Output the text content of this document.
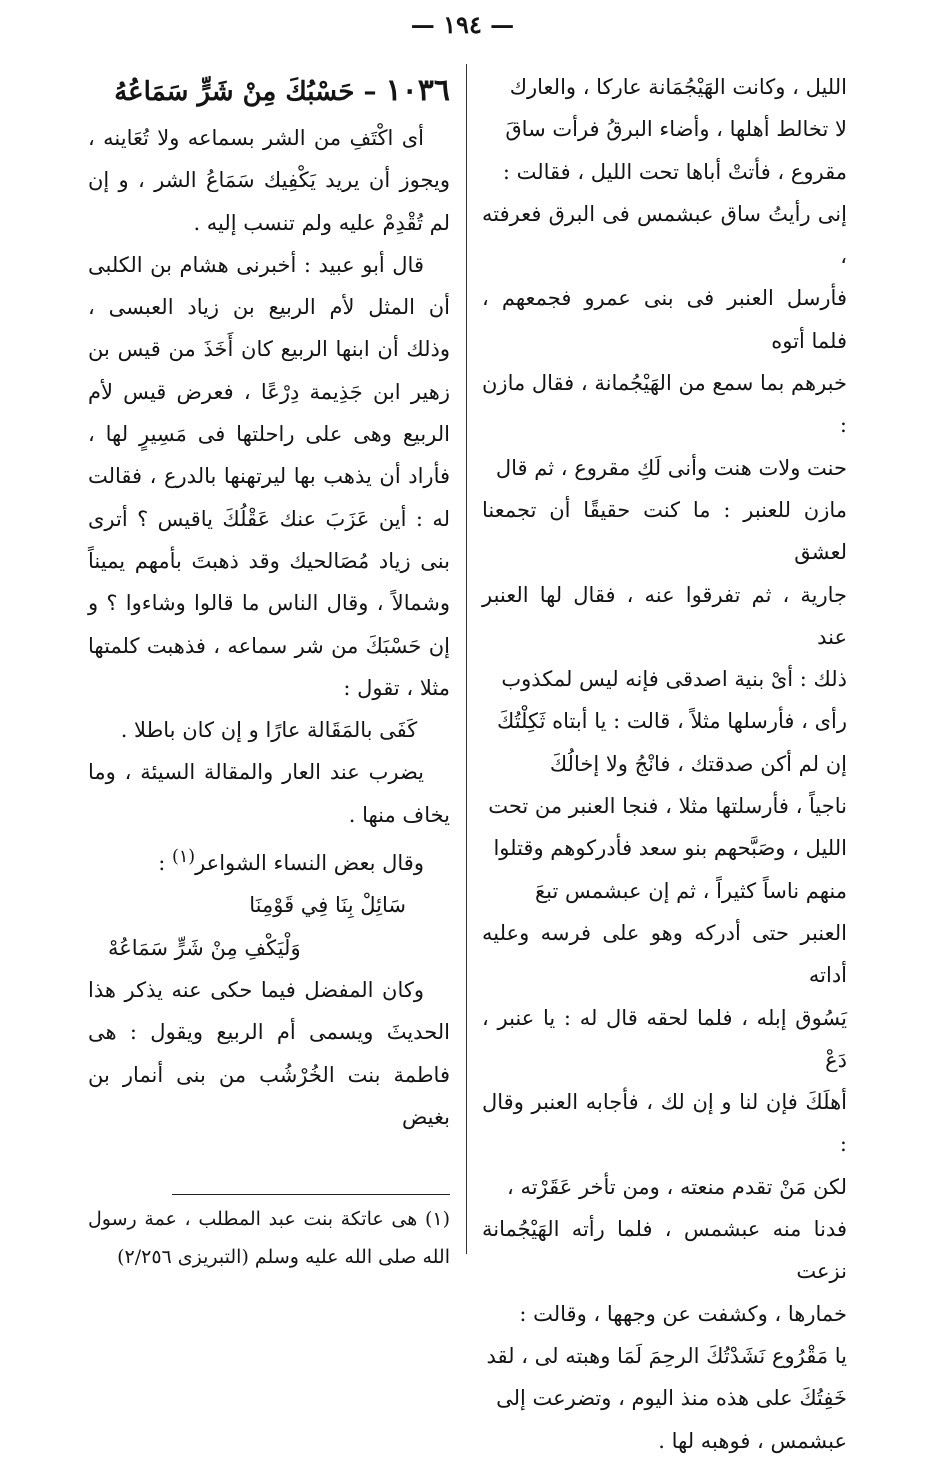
— ١٩٤ —

الليل ، وكانت الهَيْجُمَانة عاركا ، والعارك

لا تخالط أهلها ، وأضاء البرقُ فرأت ساقَ

مقروع ، فأتتْ أباها تحت الليل ، فقالت :

إنى رأيتُ ساق عبشمس فى البرق فعرفته ،

فأرسل العنبر فى بنى عمرو فجمعهم ، فلما أتوه

خبرهم بما سمع من الهَيْجُمانة ، فقال مازن :

حنت ولات هنت وأنى لَكِ مقروع ، ثم قال

مازن للعنبر : ما كنت حقيقًا أن تجمعنا لعشق

جارية ، ثم تفرقوا عنه ، فقال لها العنبر عند

ذلك : أىْ بنية اصدقى فإنه ليس لمكذوب

رأى ، فأرسلها مثلاً ، قالت : يا أبتاه ثَكِلْتُكَ

إن لم أكن صدقتك ، فانْجُ ولا إخالُكَ

ناجياً ، فأرسلتها مثلا ، فنجا العنبر من تحت

الليل ، وصَبَّحهم بنو سعد فأدركوهم وقتلوا

منهم ناساً كثيراً ، ثم إن عبشمس تبعَ

العنبر حتى أدركه وهو على فرسه وعليه أداته

يَسُوق إبله ، فلما لحقه قال له : يا عنبر ، دَعْ

أهلَكَ فإن لنا و إن لك ، فأجابه العنبر وقال :

لكن مَنْ تقدم منعته ، ومن تأخر عَقَرْته ،

فدنا منه عبشمس ، فلما رأته الهَيْجُمانة نزعت

خمارها ، وكشفت عن وجهها ، وقالت :

يا مَقْرُوع نَشَدْتُكَ الرحِمَ لَمَا وهبته لى ، لقد

خَفِتُكَ على هذه منذ اليوم ، وتضرعت إلى

عبشمس ، فوهبه لها .

١٠٣٦ – حَسْبُكَ مِنْ شَرٍّ سَمَاعُهُ

أى اكْتَفِ من الشر بسماعه ولا تُعَاينه ، ويجوز أن يريد يَكْفِيك سَمَاعُ الشر ، و إن لم تُقْدِمْ عليه ولم تنسب إليه .

قال أبو عبيد : أخبرنى هشام بن الكلبى أن المثل لأم الربيع بن زياد العبسى ، وذلك أن ابنها الربيع كان أَخَذَ من قيس بن زهير ابن جَذِيمة دِرْعًا ، فعرض قيس لأم الربيع وهى على راحلتها فى مَسِيرٍ لها ، فأراد أن يذهب بها ليرتهنها بالدرع ، فقالت له : أين عَزَبَ عنك عَقْلُكَ ياقيس ؟ أترى بنى زياد مُصَالحيك وقد ذهبتَ بأمهم يميناً وشمالاً ، وقال الناس ما قالوا وشاءوا ؟ و إن حَسْبَكَ من شر سماعه ، فذهبت كلمتها مثلا ، تقول :

كَفَى بالمَقَالة عارًا و إن كان باطلا .

يضرب عند العار والمقالة السيئة ، وما يخاف منها .

وقال بعض النساء الشواعر$^{(١)}$ :

سَائِلْ بِنَا فِي قَوْمِنَا

وَلْيَكْفِ مِنْ شَرٍّ سَمَاعُهْ

وكان المفضل فيما حكى عنه يذكر هذا الحديثَ ويسمى أم الربيع ويقول : هى فاطمة بنت الخُرْشُب من بنى أنمار بن بغيض

(١) هى عاتكة بنت عبد المطلب ، عمة رسول الله صلى الله عليه وسلم (التبريزى ٢/٢٥٦)
